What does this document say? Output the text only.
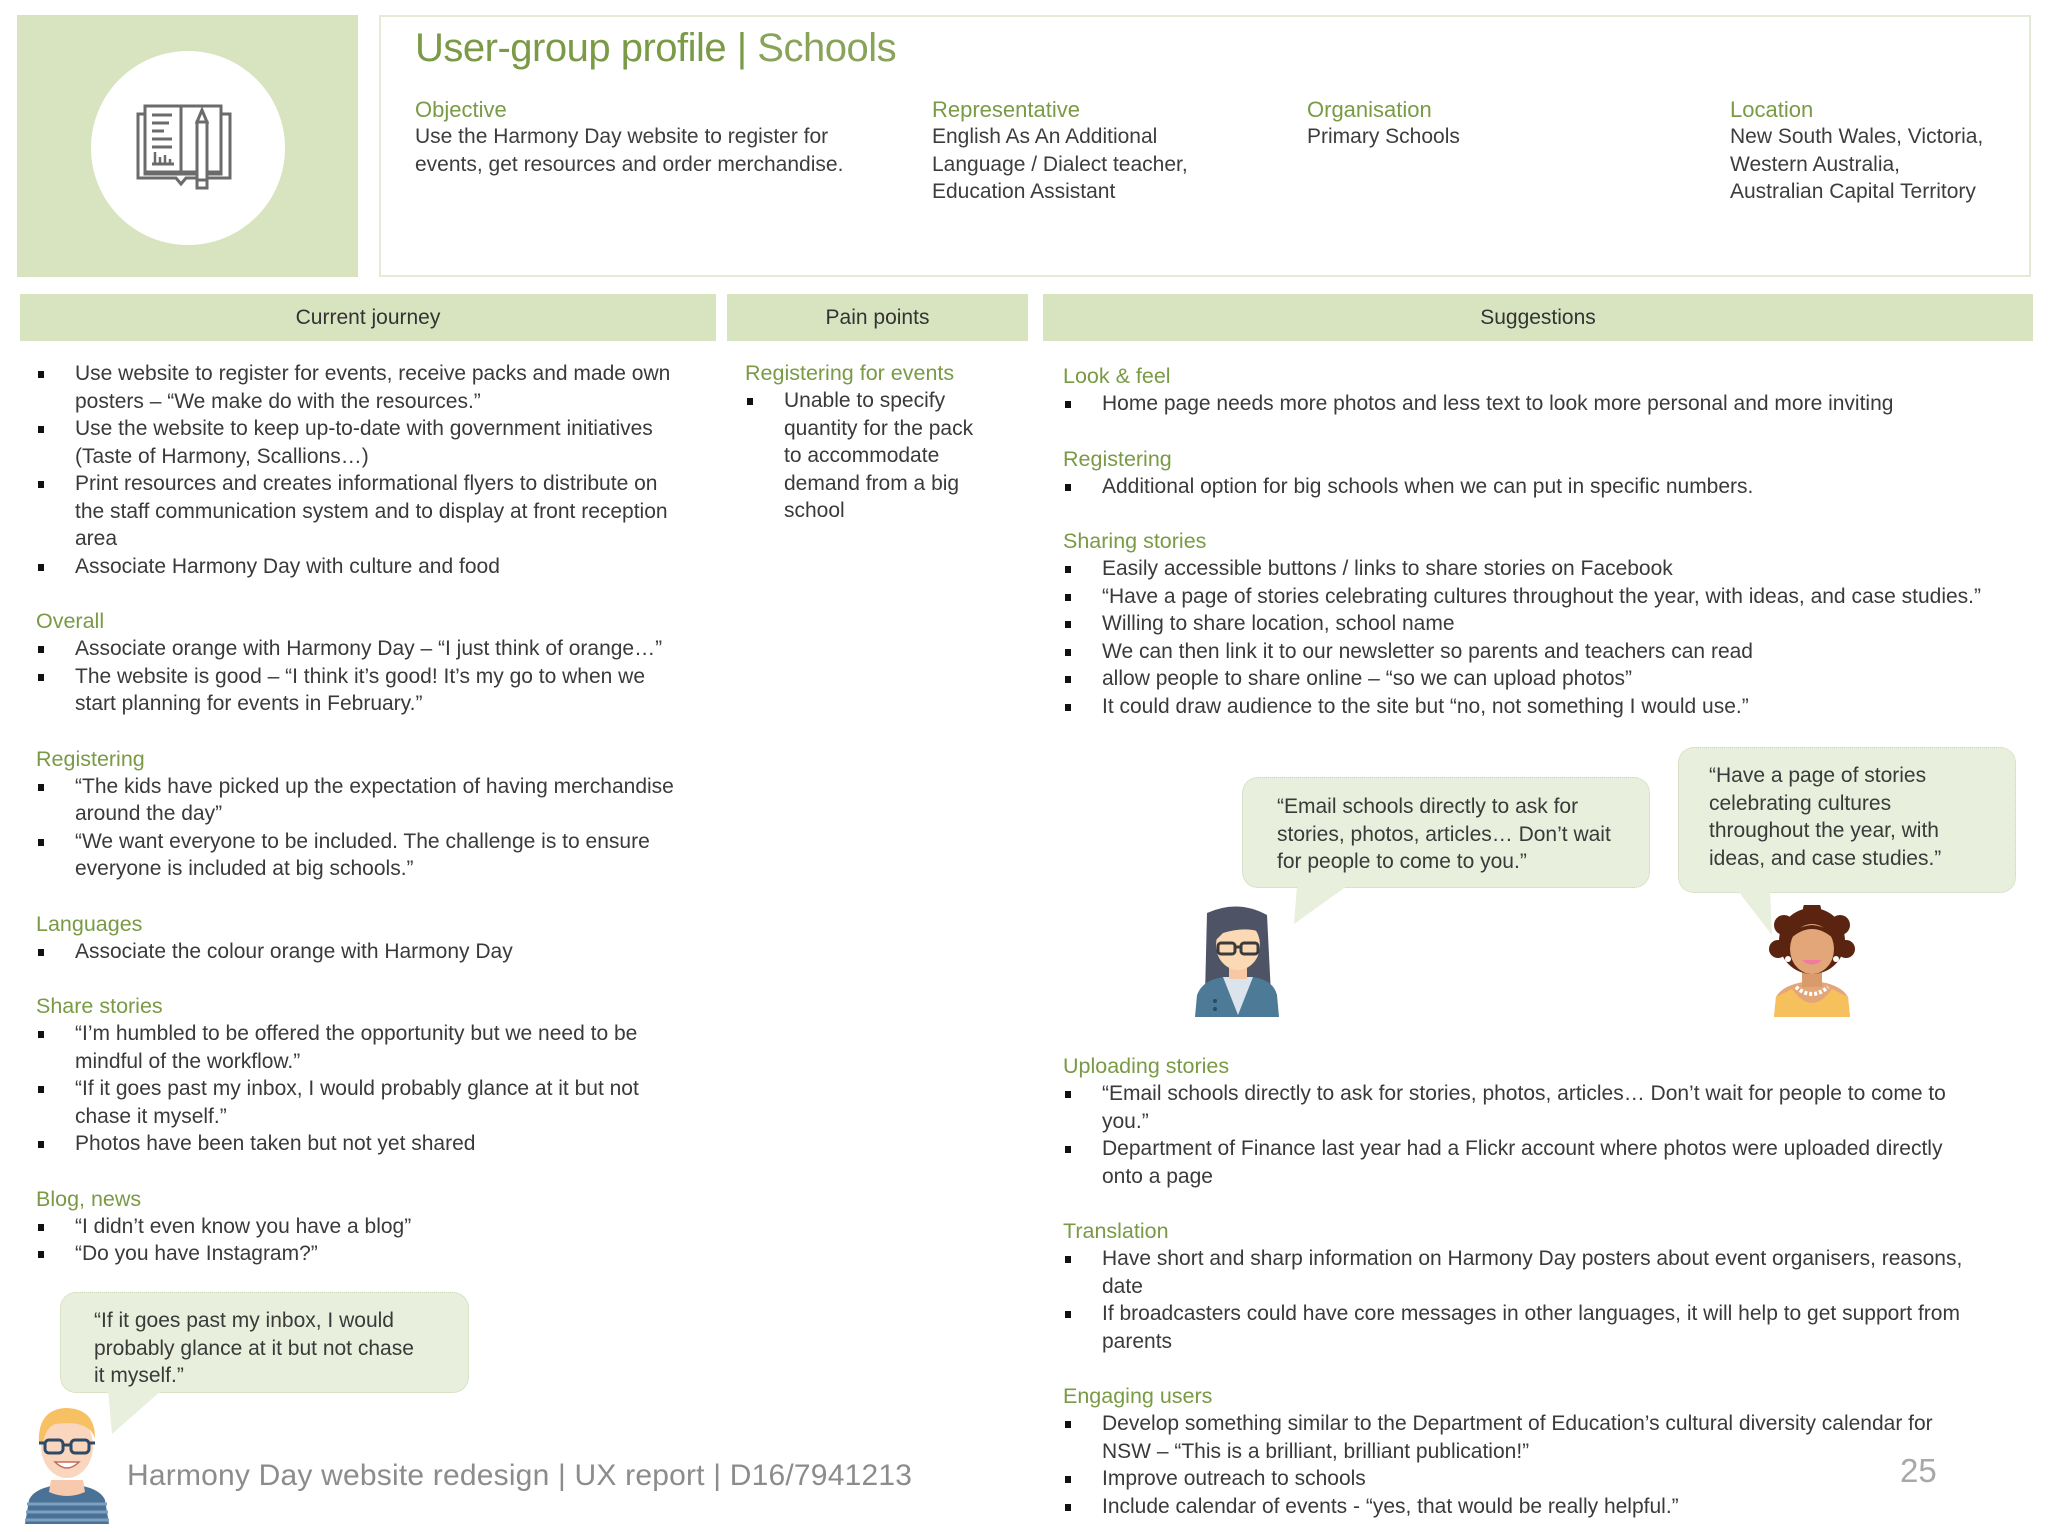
User-group profile | Schools
Objective
Use the Harmony Day website to register for
events, get resources and order merchandise.
Representative
English As An Additional
Language / Dialect teacher,
Education Assistant
Organisation
Primary Schools
Location
New South Wales, Victoria,
Western Australia,
Australian Capital Territory
Current journey	Pain points	Suggestions
Use website to register for events, receive packs and made own
posters – “We make do with the resources.”
Use the website to keep up-to-date with government initiatives
(Taste of Harmony, Scallions…)
Print resources and creates informational flyers to distribute on
the staff communication system and to display at front reception
area
Associate Harmony Day with culture and food
Overall
Associate orange with Harmony Day – “I just think of orange…”
The website is good – “I think it’s good! It’s my go to when we
start planning for events in February.”
Registering
“The kids have picked up the expectation of having merchandise
around the day”
“We want everyone to be included. The challenge is to ensure
everyone is included at big schools.”
Languages
Associate the colour orange with Harmony Day
Share stories
“I’m humbled to be offered the opportunity but we need to be
mindful of the workflow.”
“If it goes past my inbox, I would probably glance at it but not
chase it myself.”
Photos have been taken but not yet shared
Blog, news
“I didn’t even know you have a blog”
“Do you have Instagram?”
“If it goes past my inbox, I would
probably glance at it but not chase
it myself.”
Registering for events
Unable to specify
quantity for the pack
to accommodate
demand from a big
school
Look & feel
Home page needs more photos and less text to look more personal and more inviting
Registering
Additional option for big schools when we can put in specific numbers.
Sharing stories
Easily accessible buttons / links to share stories on Facebook
“Have a page of stories celebrating cultures throughout the year, with ideas, and case studies.”
Willing to share location, school name
We can then link it to our newsletter so parents and teachers can read
allow people to share online – “so we can upload photos”
It could draw audience to the site but “no, not something I would use.”
“Email schools directly to ask for
stories, photos, articles… Don’t wait
for people to come to you.”
“Have a page of stories
celebrating cultures
throughout the year, with
ideas, and case studies.”
Uploading stories
“Email schools directly to ask for stories, photos, articles… Don’t wait for people to come to
you.”
Department of Finance last year had a Flickr account where photos were uploaded directly
onto a page
Translation
Have short and sharp information on Harmony Day posters about event organisers, reasons,
date
If broadcasters could have core messages in other languages, it will help to get support from
parents
Engaging users
Develop something similar to the Department of Education’s cultural diversity calendar for
NSW – “This is a brilliant, brilliant publication!”
Improve outreach to schools
Include calendar of events - “yes, that would be really helpful.”
Harmony Day website redesign | UX report | D16/7941213	25
